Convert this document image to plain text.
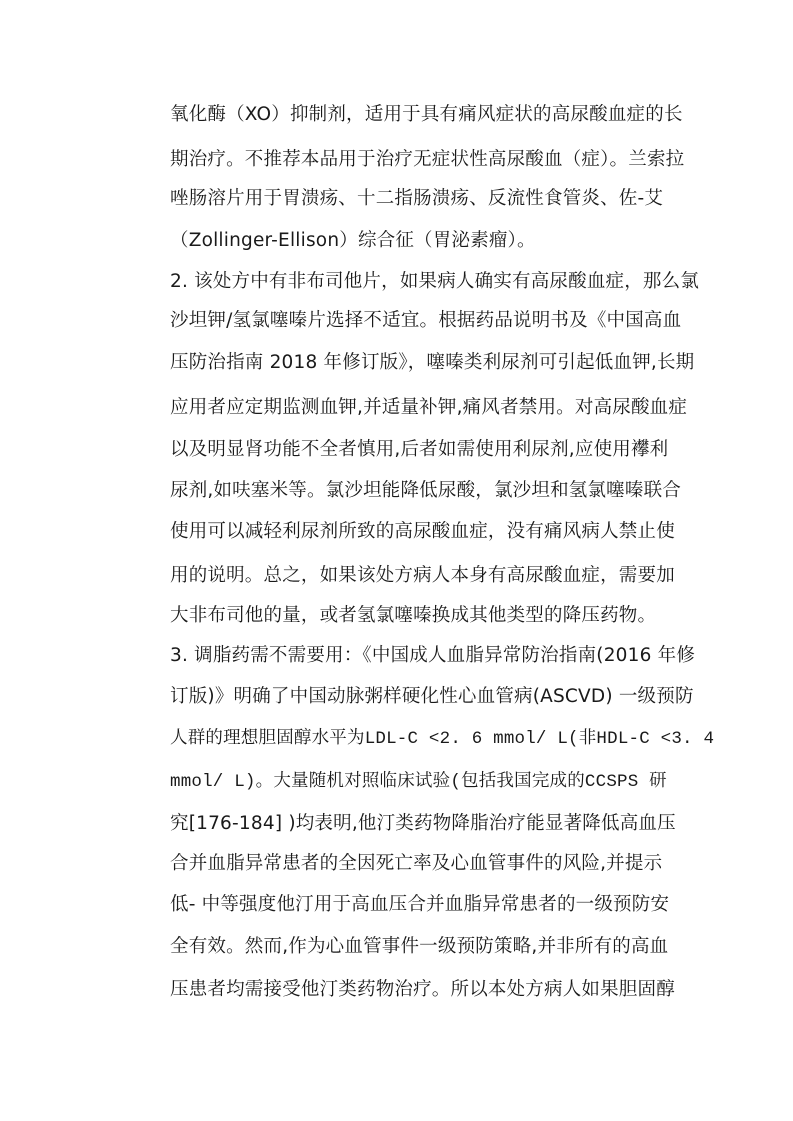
氧化酶（XO）抑制剂，适用于具有痛风症状的高尿酸血症的长
期治疗。不推荐本品用于治疗无症状性高尿酸血（症）。兰索拉
唑肠溶片用于胃溃疡、十二指肠溃疡、反流性食管炎、佐-艾
（Zollinger-Ellison）综合征（胃泌素瘤）。
2. 该处方中有非布司他片，如果病人确实有高尿酸血症，那么氯
沙坦钾/氢氯噻嗪片选择不适宜。根据药品说明书及《中国高血
压防治指南 2018 年修订版》，噻嗪类利尿剂可引起低血钾,长期
应用者应定期监测血钾,并适量补钾,痛风者禁用。对高尿酸血症
以及明显肾功能不全者慎用,后者如需使用利尿剂,应使用襻利
尿剂,如呋塞米等。氯沙坦能降低尿酸，氯沙坦和氢氯噻嗪联合
使用可以减轻利尿剂所致的高尿酸血症，没有痛风病人禁止使
用的说明。总之，如果该处方病人本身有高尿酸血症，需要加
大非布司他的量，或者氢氯噻嗪换成其他类型的降压药物。
3. 调脂药需不需要用：《中国成人血脂异常防治指南(2016 年修
订版)》明确了中国动脉粥样硬化性心血管病(ASCVD) 一级预防
人群的理想胆固醇水平为LDL-C <2. 6 mmol/ L(非HDL-C <3. 4
mmol/ L)。大量随机对照临床试验(包括我国完成的CCSPS 研
究[176-184] )均表明,他汀类药物降脂治疗能显著降低高血压
合并血脂异常患者的全因死亡率及心血管事件的风险,并提示
低- 中等强度他汀用于高血压合并血脂异常患者的一级预防安
全有效。然而,作为心血管事件一级预防策略,并非所有的高血
压患者均需接受他汀类药物治疗。所以本处方病人如果胆固醇
